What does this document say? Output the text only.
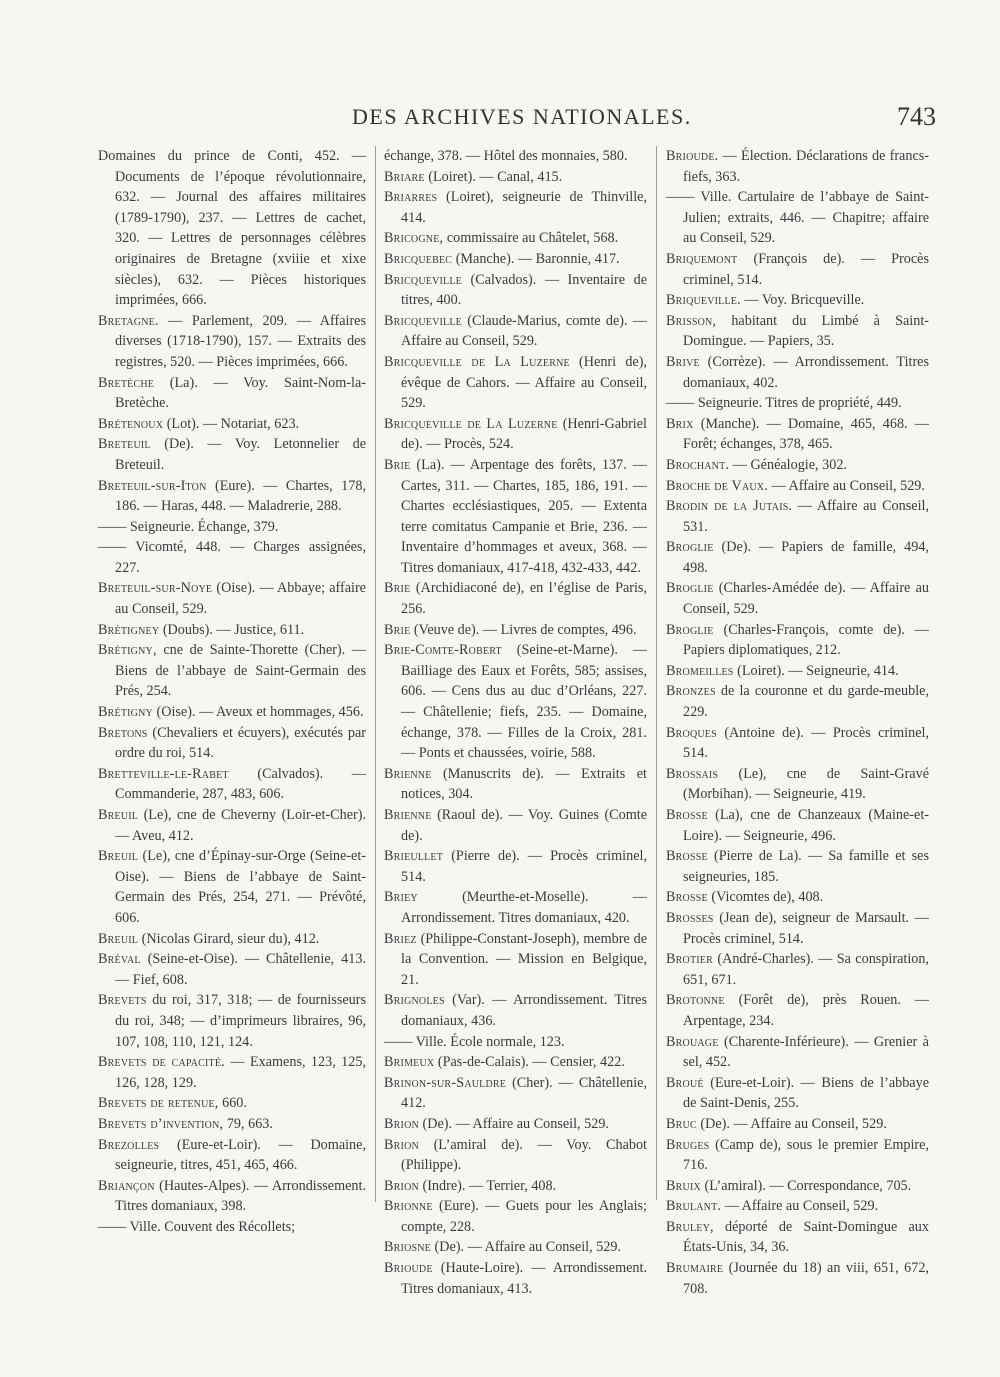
DES ARCHIVES NATIONALES.	743

Domaines du prince de Conti, 452. — Documents de l’époque révolutionnaire, 632. — Journal des affaires militaires (1789-1790), 237. — Lettres de cachet, 320. — Lettres de personnages célèbres originaires de Bretagne (xviiie et xixe siècles), 632. — Pièces historiques imprimées, 666.

Bretagne. — Parlement, 209. — Affaires diverses (1718-1790), 157. — Extraits des registres, 520. — Pièces imprimées, 666.

Bretèche (La). — Voy. Saint-Nom-la-Bretèche.

Brétenoux (Lot). — Notariat, 623.

Breteuil (De). — Voy. Letonnelier de Breteuil.

Breteuil-sur-Iton (Eure). — Chartes, 178, 186. — Haras, 448. — Maladrerie, 288.

—— Seigneurie. Échange, 379.

—— Vicomté, 448. — Charges assignées, 227.

Breteuil-sur-Noye (Oise). — Abbaye; affaire au Conseil, 529.

Brétigney (Doubs). — Justice, 611.

Brétigny, cne de Sainte-Thorette (Cher). — Biens de l’abbaye de Saint-Germain des Prés, 254.

Brétigny (Oise). — Aveux et hommages, 456.

Bretons (Chevaliers et écuyers), exécutés par ordre du roi, 514.

Bretteville-le-Rabet (Calvados). — Commanderie, 287, 483, 606.

Breuil (Le), cne de Cheverny (Loir-et-Cher). — Aveu, 412.

Breuil (Le), cne d’Épinay-sur-Orge (Seine-et-Oise). — Biens de l’abbaye de Saint-Germain des Prés, 254, 271. — Prévôté, 606.

Breuil (Nicolas Girard, sieur du), 412.

Bréval (Seine-et-Oise). — Châtellenie, 413. — Fief, 608.

Brevets du roi, 317, 318; — de fournisseurs du roi, 348; — d’imprimeurs libraires, 96, 107, 108, 110, 121, 124.

Brevets de capacité. — Examens, 123, 125, 126, 128, 129.

Brevets de retenue, 660.

Brevets d’invention, 79, 663.

Brezolles (Eure-et-Loir). — Domaine, seigneurie, titres, 451, 465, 466.

Briançon (Hautes-Alpes). — Arrondissement. Titres domaniaux, 398.

—— Ville. Couvent des Récollets;

échange, 378. — Hôtel des monnaies, 580.

Briare (Loiret). — Canal, 415.

Briarres (Loiret), seigneurie de Thinville, 414.

Bricogne, commissaire au Châtelet, 568.

Bricquebec (Manche). — Baronnie, 417.

Bricqueville (Calvados). — Inventaire de titres, 400.

Bricqueville (Claude-Marius, comte de). — Affaire au Conseil, 529.

Bricqueville de La Luzerne (Henri de), évêque de Cahors. — Affaire au Conseil, 529.

Bricqueville de La Luzerne (Henri-Gabriel de). — Procès, 524.

Brie (La). — Arpentage des forêts, 137. — Cartes, 311. — Chartes, 185, 186, 191. — Chartes ecclésiastiques, 205. — Extenta terre comitatus Campanie et Brie, 236. — Inventaire d’hommages et aveux, 368. — Titres domaniaux, 417-418, 432-433, 442.

Brie (Archidiaconé de), en l’église de Paris, 256.

Brie (Veuve de). — Livres de comptes, 496.

Brie-Comte-Robert (Seine-et-Marne). — Bailliage des Eaux et Forêts, 585; assises, 606. — Cens dus au duc d’Orléans, 227. — Châtellenie; fiefs, 235. — Domaine, échange, 378. — Filles de la Croix, 281. — Ponts et chaussées, voirie, 588.

Brienne (Manuscrits de). — Extraits et notices, 304.

Brienne (Raoul de). — Voy. Guines (Comte de).

Brieullet (Pierre de). — Procès criminel, 514.

Briey (Meurthe-et-Moselle). — Arrondissement. Titres domaniaux, 420.

Briez (Philippe-Constant-Joseph), membre de la Convention. — Mission en Belgique, 21.

Brignoles (Var). — Arrondissement. Titres domaniaux, 436.

—— Ville. École normale, 123.

Brimeux (Pas-de-Calais). — Censier, 422.

Brinon-sur-Sauldre (Cher). — Châtellenie, 412.

Brion (De). — Affaire au Conseil, 529.

Brion (L’amiral de). — Voy. Chabot (Philippe).

Brion (Indre). — Terrier, 408.

Brionne (Eure). — Guets pour les Anglais; compte, 228.

Briosne (De). — Affaire au Conseil, 529.

Brioude (Haute-Loire). — Arrondissement. Titres domaniaux, 413.

Brioude. — Élection. Déclarations de francs-fiefs, 363.

—— Ville. Cartulaire de l’abbaye de Saint-Julien; extraits, 446. — Chapitre; affaire au Conseil, 529.

Briquemont (François de). — Procès criminel, 514.

Briqueville. — Voy. Bricqueville.

Brisson, habitant du Limbé à Saint-Domingue. — Papiers, 35.

Brive (Corrèze). — Arrondissement. Titres domaniaux, 402.

—— Seigneurie. Titres de propriété, 449.

Brix (Manche). — Domaine, 465, 468. — Forêt; échanges, 378, 465.

Brochant. — Généalogie, 302.

Broche de Vaux. — Affaire au Conseil, 529.

Brodin de la Jutais. — Affaire au Conseil, 531.

Broglie (De). — Papiers de famille, 494, 498.

Broglie (Charles-Amédée de). — Affaire au Conseil, 529.

Broglie (Charles-François, comte de). — Papiers diplomatiques, 212.

Bromeilles (Loiret). — Seigneurie, 414.

Bronzes de la couronne et du garde-meuble, 229.

Broques (Antoine de). — Procès criminel, 514.

Brossais (Le), cne de Saint-Gravé (Morbihan). — Seigneurie, 419.

Brosse (La), cne de Chanzeaux (Maine-et-Loire). — Seigneurie, 496.

Brosse (Pierre de La). — Sa famille et ses seigneuries, 185.

Brosse (Vicomtes de), 408.

Brosses (Jean de), seigneur de Marsault. — Procès criminel, 514.

Brotier (André-Charles). — Sa conspiration, 651, 671.

Brotonne (Forêt de), près Rouen. — Arpentage, 234.

Brouage (Charente-Inférieure). — Grenier à sel, 452.

Broué (Eure-et-Loir). — Biens de l’abbaye de Saint-Denis, 255.

Bruc (De). — Affaire au Conseil, 529.

Bruges (Camp de), sous le premier Empire, 716.

Bruix (L’amiral). — Correspondance, 705.

Brulant. — Affaire au Conseil, 529.

Bruley, déporté de Saint-Domingue aux États-Unis, 34, 36.

Brumaire (Journée du 18) an viii, 651, 672, 708.
